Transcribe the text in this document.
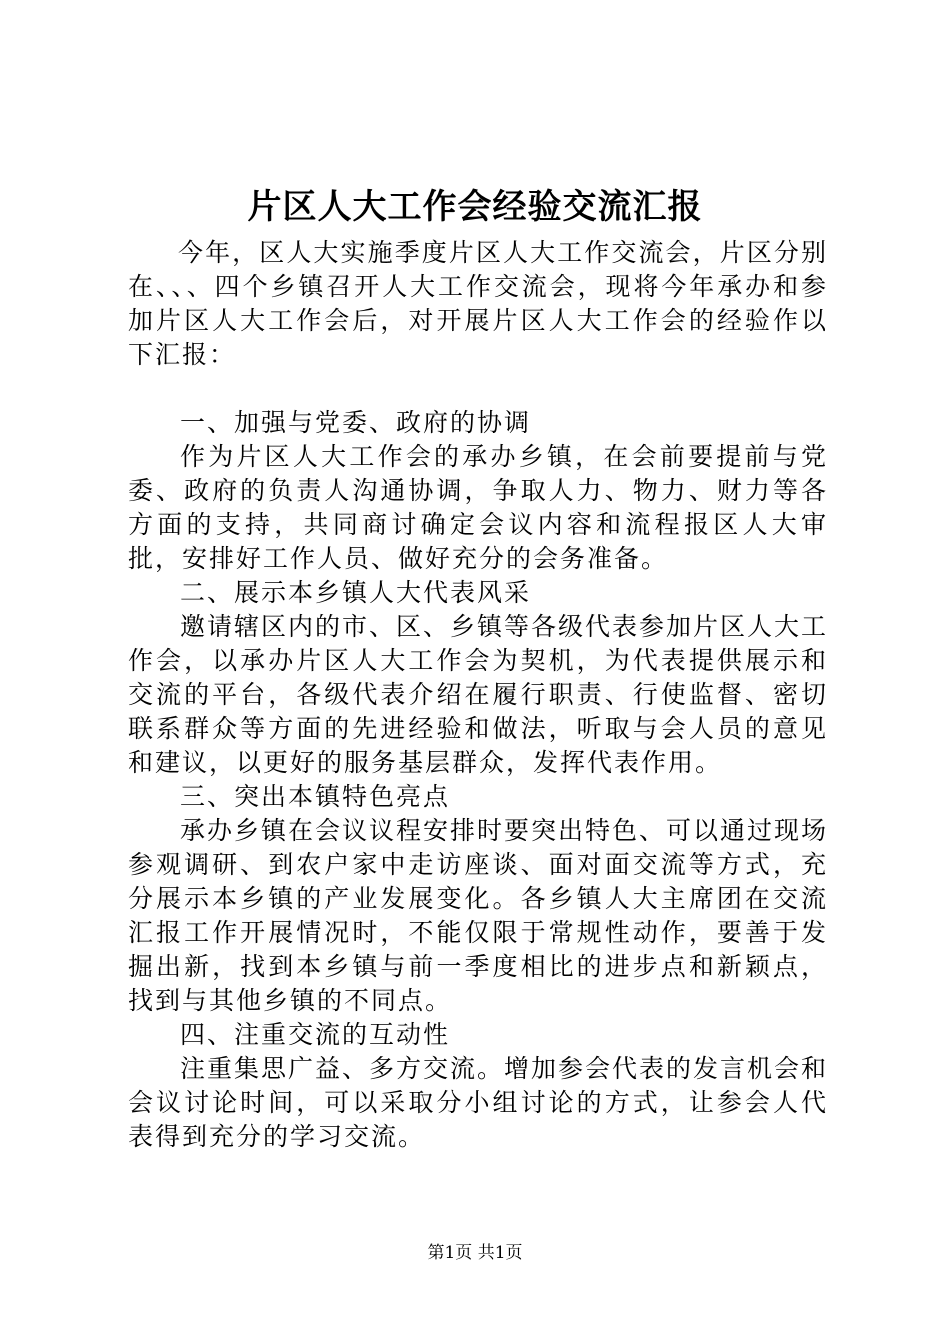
片区人大工作会经验交流汇报

今年，区人大实施季度片区人大工作交流会，片区分别在、、、四个乡镇召开人大工作交流会，现将今年承办和参加片区人大工作会后，对开展片区人大工作会的经验作以下汇报：

一、加强与党委、政府的协调

作为片区人大工作会的承办乡镇，在会前要提前与党委、政府的负责人沟通协调，争取人力、物力、财力等各方面的支持，共同商讨确定会议内容和流程报区人大审批，安排好工作人员、做好充分的会务准备。

二、展示本乡镇人大代表风采

邀请辖区内的市、区、乡镇等各级代表参加片区人大工作会，以承办片区人大工作会为契机，为代表提供展示和交流的平台，各级代表介绍在履行职责、行使监督、密切联系群众等方面的先进经验和做法，听取与会人员的意见和建议，以更好的服务基层群众，发挥代表作用。

三、突出本镇特色亮点

承办乡镇在会议议程安排时要突出特色、可以通过现场参观调研、到农户家中走访座谈、面对面交流等方式，充分展示本乡镇的产业发展变化。各乡镇人大主席团在交流汇报工作开展情况时，不能仅限于常规性动作，要善于发掘出新，找到本乡镇与前一季度相比的进步点和新颖点，找到与其他乡镇的不同点。

四、注重交流的互动性

注重集思广益、多方交流。增加参会代表的发言机会和会议讨论时间，可以采取分小组讨论的方式，让参会人代表得到充分的学习交流。

第1页 共1页
